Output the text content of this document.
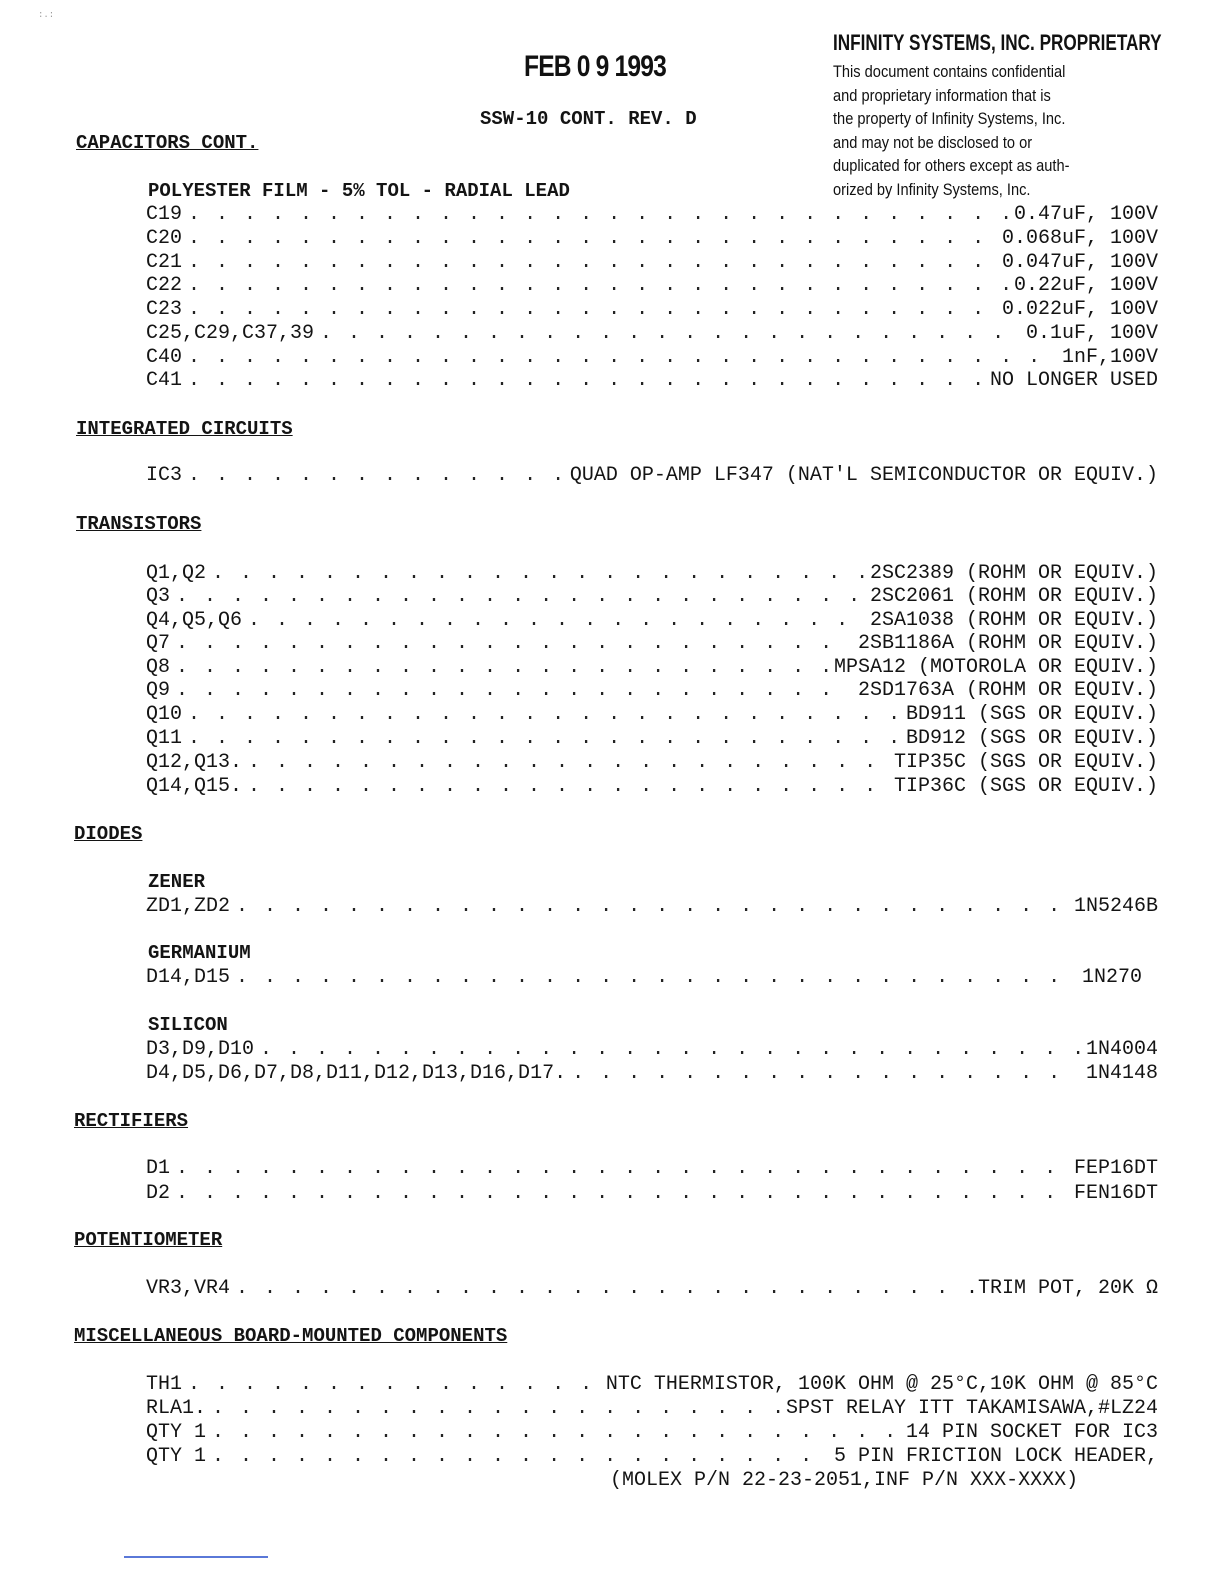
:.:
FEB 0 9 1993
INFINITY SYSTEMS, INC. PROPRIETARY
This document contains confidential
and proprietary information that is
the property of Infinity Systems, Inc.
and may not be disclosed to or
duplicated for others except as auth-
orized by Infinity Systems, Inc.
SSW-10 CONT. REV. D
CAPACITORS CONT.
POLYESTER FILM - 5% TOL - RADIAL LEAD
C19 . . .	0.47uF, 100V
C20 . . .	0.068uF, 100V
C21 . . .	0.047uF, 100V
C22 . . .	0.22uF, 100V
C23 . . .	0.022uF, 100V
C25,C29,C37,39 . . .	0.1uF, 100V
C40 . . .	1nF,100V
C41 . . .	NO LONGER USED
INTEGRATED CIRCUITS
IC3 . . .	QUAD OP-AMP LF347 (NAT'L SEMICONDUCTOR OR EQUIV.)
TRANSISTORS
Q1,Q2 . . .	2SC2389 (ROHM OR EQUIV.)
Q3 . . .	2SC2061 (ROHM OR EQUIV.)
Q4,Q5,Q6 . . .	2SA1038 (ROHM OR EQUIV.)
Q7 . . .	2SB1186A (ROHM OR EQUIV.)
Q8 . . .	MPSA12 (MOTOROLA OR EQUIV.)
Q9 . . .	2SD1763A (ROHM OR EQUIV.)
Q10 . . .	BD911 (SGS OR EQUIV.)
Q11 . . .	BD912 (SGS OR EQUIV.)
Q12,Q13. . . .	TIP35C (SGS OR EQUIV.)
Q14,Q15. . . .	TIP36C (SGS OR EQUIV.)
DIODES
ZENER
ZD1,ZD2 . . .	1N5246B
GERMANIUM
D14,D15 . . .	1N270
SILICON
D3,D9,D10 . . .	1N4004
D4,D5,D6,D7,D8,D11,D12,D13,D16,D17. . . .	1N4148
RECTIFIERS
D1 . . .	FEP16DT
D2 . . .	FEN16DT
POTENTIOMETER
VR3,VR4 . . .	.TRIM POT, 20K Ω
MISCELLANEOUS BOARD-MOUNTED COMPONENTS
TH1 . . .	NTC THERMISTOR, 100K OHM @ 25°C,10K OHM @ 85°C
RLA1. . . .	SPST RELAY ITT TAKAMISAWA,#LZ24
QTY 1 . . .	14 PIN SOCKET FOR IC3
QTY 1 . . .	5 PIN FRICTION LOCK HEADER,
(MOLEX P/N 22-23-2051,INF P/N XXX-XXXX)
